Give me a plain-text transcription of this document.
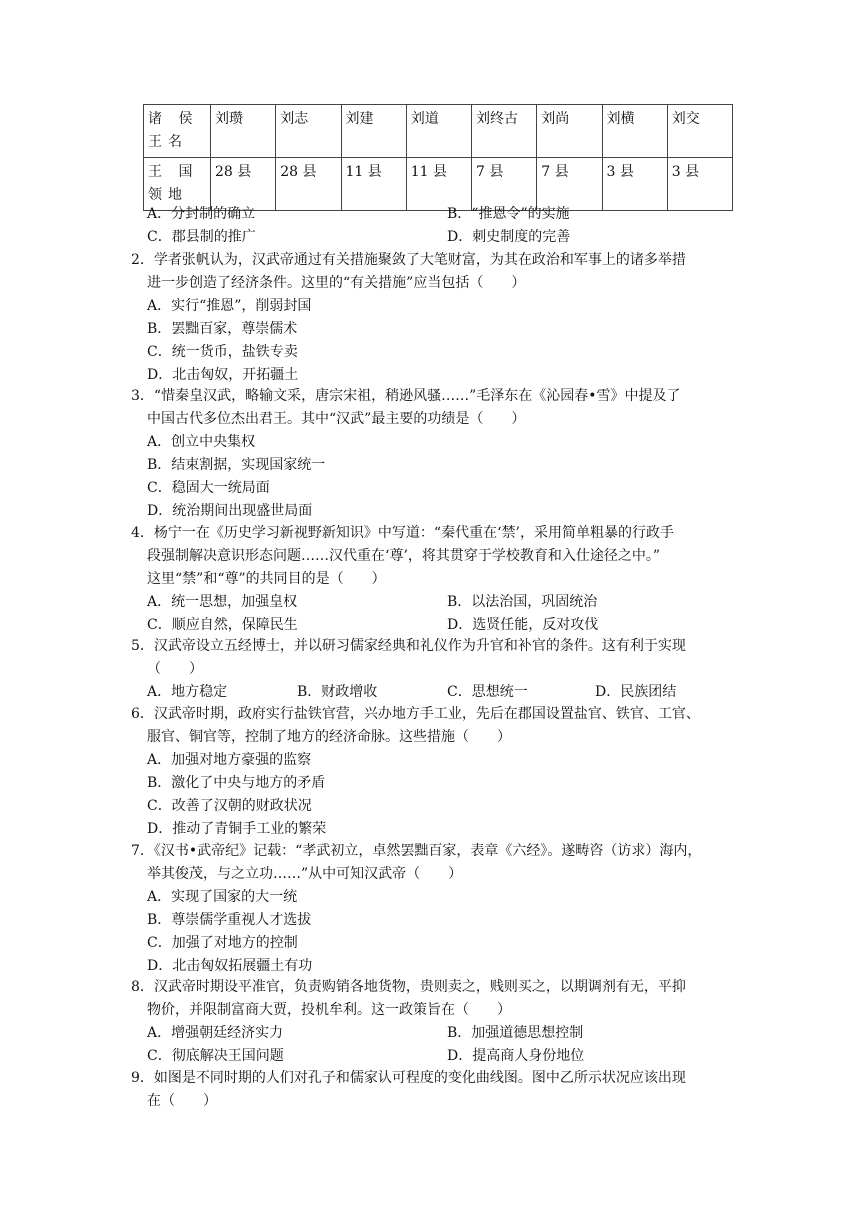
诸 侯 王名	刘瓒	刘志	刘建	刘道	刘终古	刘尚	刘横	刘交
王 国 领地	28 县	28 县	11 县	11 县	7 县	7 县	3 县	3 县
A．分封制的确立	B．“推恩令”的实施
C．郡县制的推广	D．刺史制度的完善
2．学者张帆认为，汉武帝通过有关措施聚敛了大笔财富，为其在政治和军事上的诸多举措
进一步创造了经济条件。这里的“有关措施”应当包括（　　）
A．实行“推恩”，削弱封国
B．罢黜百家，尊崇儒术
C．统一货币，盐铁专卖
D．北击匈奴，开拓疆土
3．“惜秦皇汉武，略输文采，唐宗宋祖，稍逊风骚……”毛泽东在《沁园春•雪》中提及了
中国古代多位杰出君王。其中“汉武”最主要的功绩是（　　）
A．创立中央集权
B．结束割据，实现国家统一
C．稳固大一统局面
D．统治期间出现盛世局面
4．杨宁一在《历史学习新视野新知识》中写道：“秦代重在‘禁’，采用简单粗暴的行政手
段强制解决意识形态问题……汉代重在‘尊’，将其贯穿于学校教育和入仕途径之中。”
这里“禁”和“尊”的共同目的是（　　）
A．统一思想，加强皇权	B．以法治国，巩固统治
C．顺应自然，保障民生	D．选贤任能，反对攻伐
5．汉武帝设立五经博士，并以研习儒家经典和礼仪作为升官和补官的条件。这有利于实现
（　　）
A．地方稳定	B．财政增收	C．思想统一	D．民族团结
6．汉武帝时期，政府实行盐铁官营，兴办地方手工业，先后在郡国设置盐官、铁官、工官、
服官、铜官等，控制了地方的经济命脉。这些措施（　　）
A．加强对地方豪强的监察
B．激化了中央与地方的矛盾
C．改善了汉朝的财政状况
D．推动了青铜手工业的繁荣
7．《汉书•武帝纪》记载：“孝武初立，卓然罢黜百家，表章《六经》。遂畴咨（访求）海内，
举其俊茂，与之立功……”从中可知汉武帝（　　）
A．实现了国家的大一统
B．尊崇儒学重视人才选拔
C．加强了对地方的控制
D．北击匈奴拓展疆土有功
8．汉武帝时期设平准官，负责购销各地货物，贵则卖之，贱则买之，以期调剂有无，平抑
物价，并限制富商大贾，投机牟利。这一政策旨在（　　）
A．增强朝廷经济实力	B．加强道德思想控制
C．彻底解决王国问题	D．提高商人身份地位
9．如图是不同时期的人们对孔子和儒家认可程度的变化曲线图。图中乙所示状况应该出现
在（　　）
